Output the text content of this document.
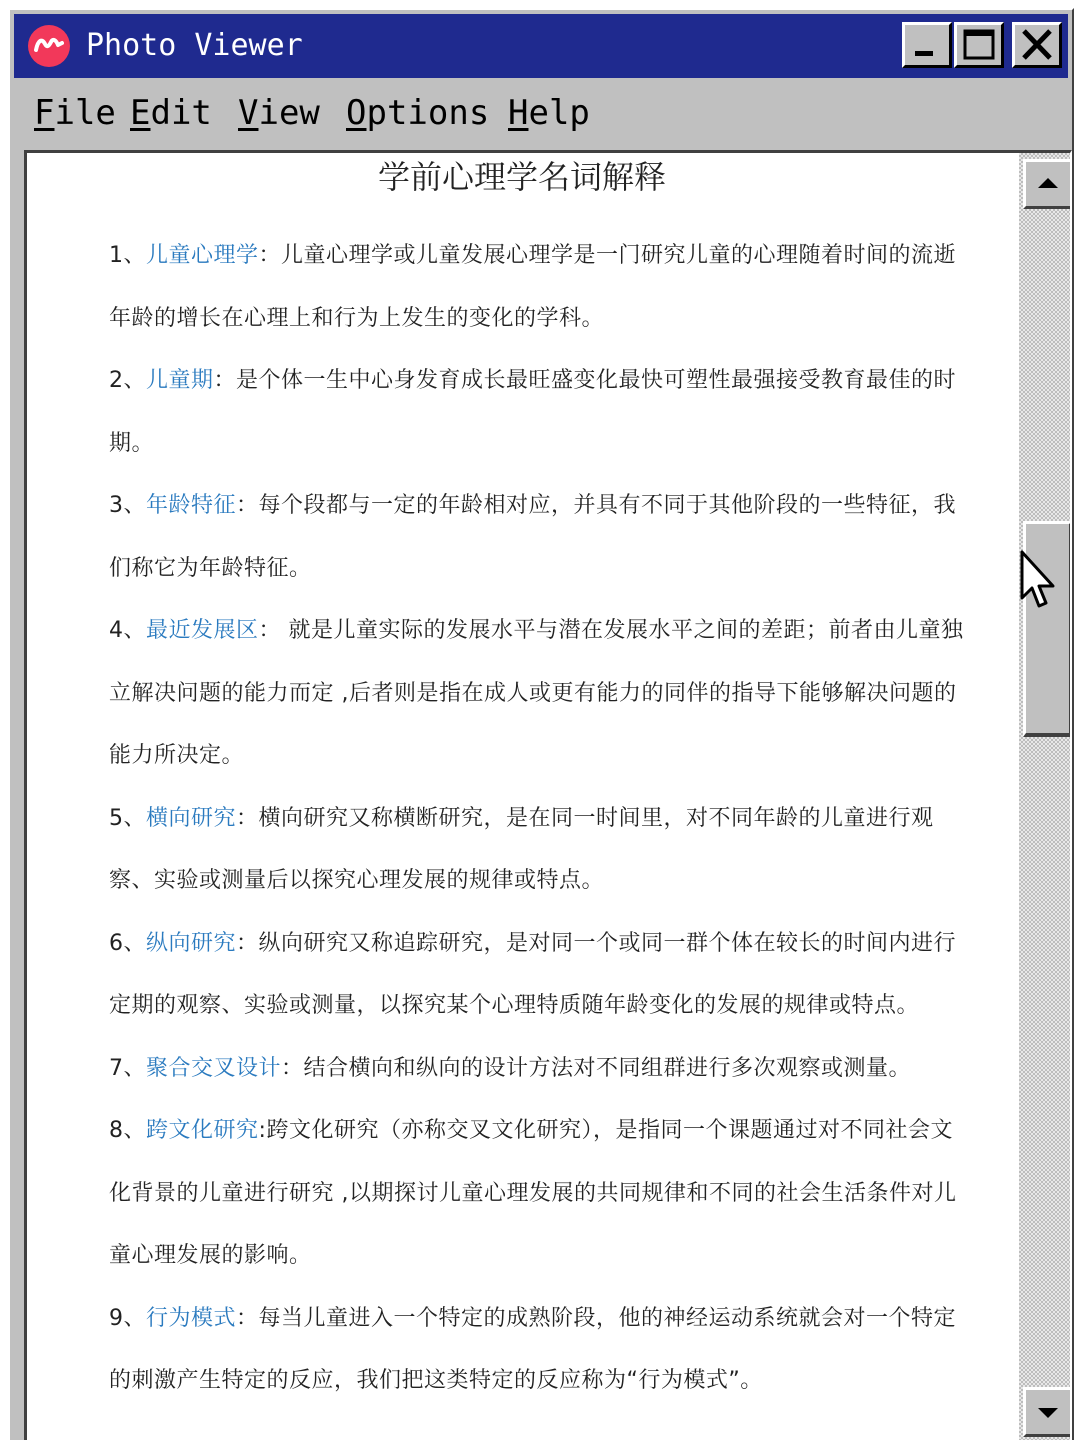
Photo Viewer
File Edit View Options Help
学前心理学名词解释
1、儿童心理学：儿童心理学或儿童发展心理学是一门研究儿童的心理随着时间的流逝年龄的增长在心理上和行为上发生的变化的学科。
2、儿童期：是个体一生中心身发育成长最旺盛变化最快可塑性最强接受教育最佳的时期。
3、年龄特征：每个段都与一定的年龄相对应，并具有不同于其他阶段的一些特征，我们称它为年龄特征。
4、最近发展区： 就是儿童实际的发展水平与潜在发展水平之间的差距；前者由儿童独立解决问题的能力而定 ,后者则是指在成人或更有能力的同伴的指导下能够解决问题的能力所决定。
5、横向研究：横向研究又称横断研究，是在同一时间里，对不同年龄的儿童进行观察、实验或测量后以探究心理发展的规律或特点。
6、纵向研究：纵向研究又称追踪研究，是对同一个或同一群个体在较长的时间内进行定期的观察、实验或测量，以探究某个心理特质随年龄变化的发展的规律或特点。
7、聚合交叉设计：结合横向和纵向的设计方法对不同组群进行多次观察或测量。
8、跨文化研究:跨文化研究（亦称交叉文化研究），是指同一个课题通过对不同社会文化背景的儿童进行研究 ,以期探讨儿童心理发展的共同规律和不同的社会生活条件对儿童心理发展的影响。
9、行为模式：每当儿童进入一个特定的成熟阶段，他的神经运动系统就会对一个特定的刺激产生特定的反应，我们把这类特定的反应称为“行为模式”。
